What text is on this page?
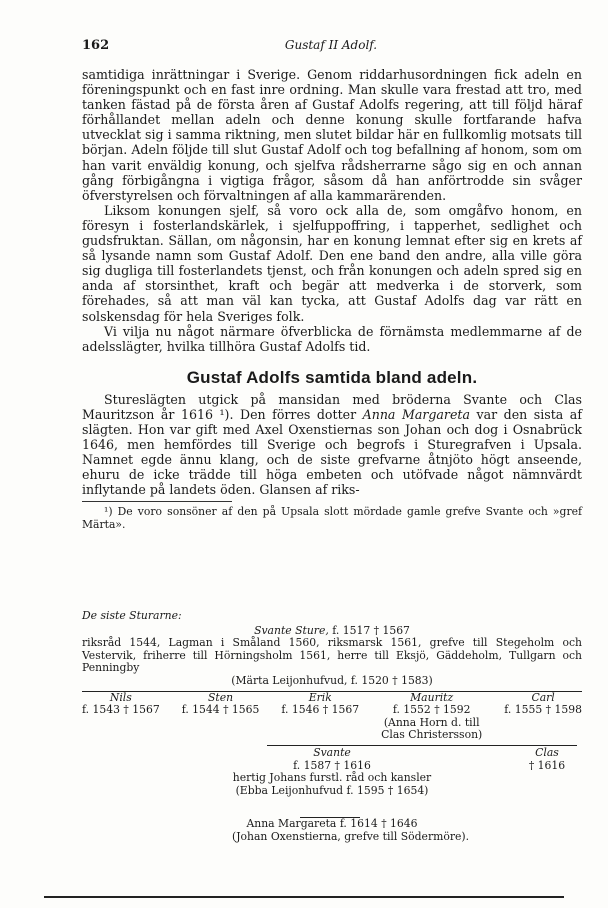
162	Gustaf II Adolf.

samtidiga inrättningar i Sverige. Genom riddarhusordningen fick adeln en föreningspunkt och en fast inre ordning. Man skulle vara frestad att tro, med tanken fästad på de första åren af Gustaf Adolfs regering, att till följd häraf förhållandet mellan adeln och denne konung skulle fortfarande hafva utvecklat sig i samma riktning, men slutet bildar här en fullkomlig motsats till början. Adeln följde till slut Gustaf Adolf och tog befallning af honom, som om han varit enväldig konung, och sjelfva rådsherrarne sågo sig en och annan gång förbigångna i vigtiga frågor, såsom då han anförtrodde sin svåger öfverstyrelsen och förvaltningen af alla kammarärenden.

Liksom konungen sjelf, så voro ock alla de, som omgåfvo honom, en föresyn i fosterlandskärlek, i sjelfuppoffring, i tapperhet, sedlighet och gudsfruktan. Sällan, om någonsin, har en konung lemnat efter sig en krets af så lysande namn som Gustaf Adolf. Den ene band den andre, alla ville göra sig dugliga till fosterlandets tjenst, och från konungen och adeln spred sig en anda af storsinthet, kraft och begär att medverka i de storverk, som förehades, så att man väl kan tycka, att Gustaf Adolfs dag var rätt en solskensdag för hela Sveriges folk.

Vi vilja nu något närmare öfverblicka de förnämsta medlemmarne af de adelsslägter, hvilka tillhöra Gustaf Adolfs tid.

Gustaf Adolfs samtida bland adeln.

Stureslägten utgick på mansidan med bröderna Svante och Clas Mauritzson år 1616 ¹). Den förres dotter Anna Margareta var den sista af slägten. Hon var gift med Axel Oxenstiernas son Johan och dog i Osnabrück 1646, men hemfördes till Sverige och begrofs i Sturegrafven i Upsala. Namnet egde ännu klang, och de siste grefvarne åtnjöto högt anseende, ehuru de icke trädde till höga embeten och utöfvade något nämnvärdt inflytande på landets öden. Glansen af riks-

¹) De voro sonsöner af den på Upsala slott mördade gamle grefve Svante och »gref Märta».

De siste Sturarne:
Svante Sture, f. 1517 † 1567
riksråd 1544, Lagman i Småland 1560, riksmarsk 1561, grefve till Stegeholm och Vestervik, friherre till Hörningsholm 1561, herre till Eksjö, Gäddeholm, Tullgarn och Penningby
(Märta Leijonhufvud, f. 1520 † 1583)
Nils
f. 1543 † 1567
Sten
f. 1544 † 1565
Erik
f. 1546 † 1567
Mauritz
f. 1552 † 1592
(Anna Horn d. till
Clas Christersson)
Carl
f. 1555 † 1598
Svante
f. 1587 † 1616
hertig Johans furstl. råd och kansler
(Ebba Leijonhufvud f. 1595 † 1654)
Clas
† 1616
Anna Margareta f. 1614 † 1646
(Johan Oxenstierna, grefve till Södermöre).
